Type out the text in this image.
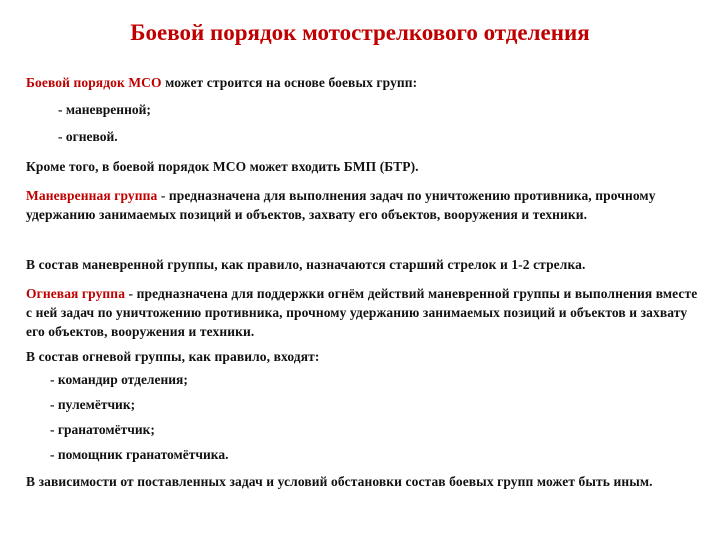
Боевой порядок мотострелкового отделения

Боевой порядок МСО может строится на основе боевых групп:

- маневренной;

- огневой.

Кроме того, в боевой порядок МСО может входить БМП (БТР).

Маневренная группа - предназначена для выполнения задач по уничтожению противника, прочному удержанию занимаемых позиций и объектов, захвату его объектов, вооружения и техники.

В состав маневренной группы, как правило, назначаются старший стрелок и 1-2 стрелка.

Огневая группа - предназначена для поддержки огнём действий маневренной группы и выполнения вместе с ней задач по уничтожению противника, прочному удержанию занимаемых позиций и объектов и захвату его объектов, вооружения и техники.

В состав огневой группы, как правило, входят:

- командир отделения;

- пулемётчик;

- гранатомётчик;

- помощник гранатомётчика.

В зависимости от поставленных задач и условий обстановки состав боевых групп может быть иным.
